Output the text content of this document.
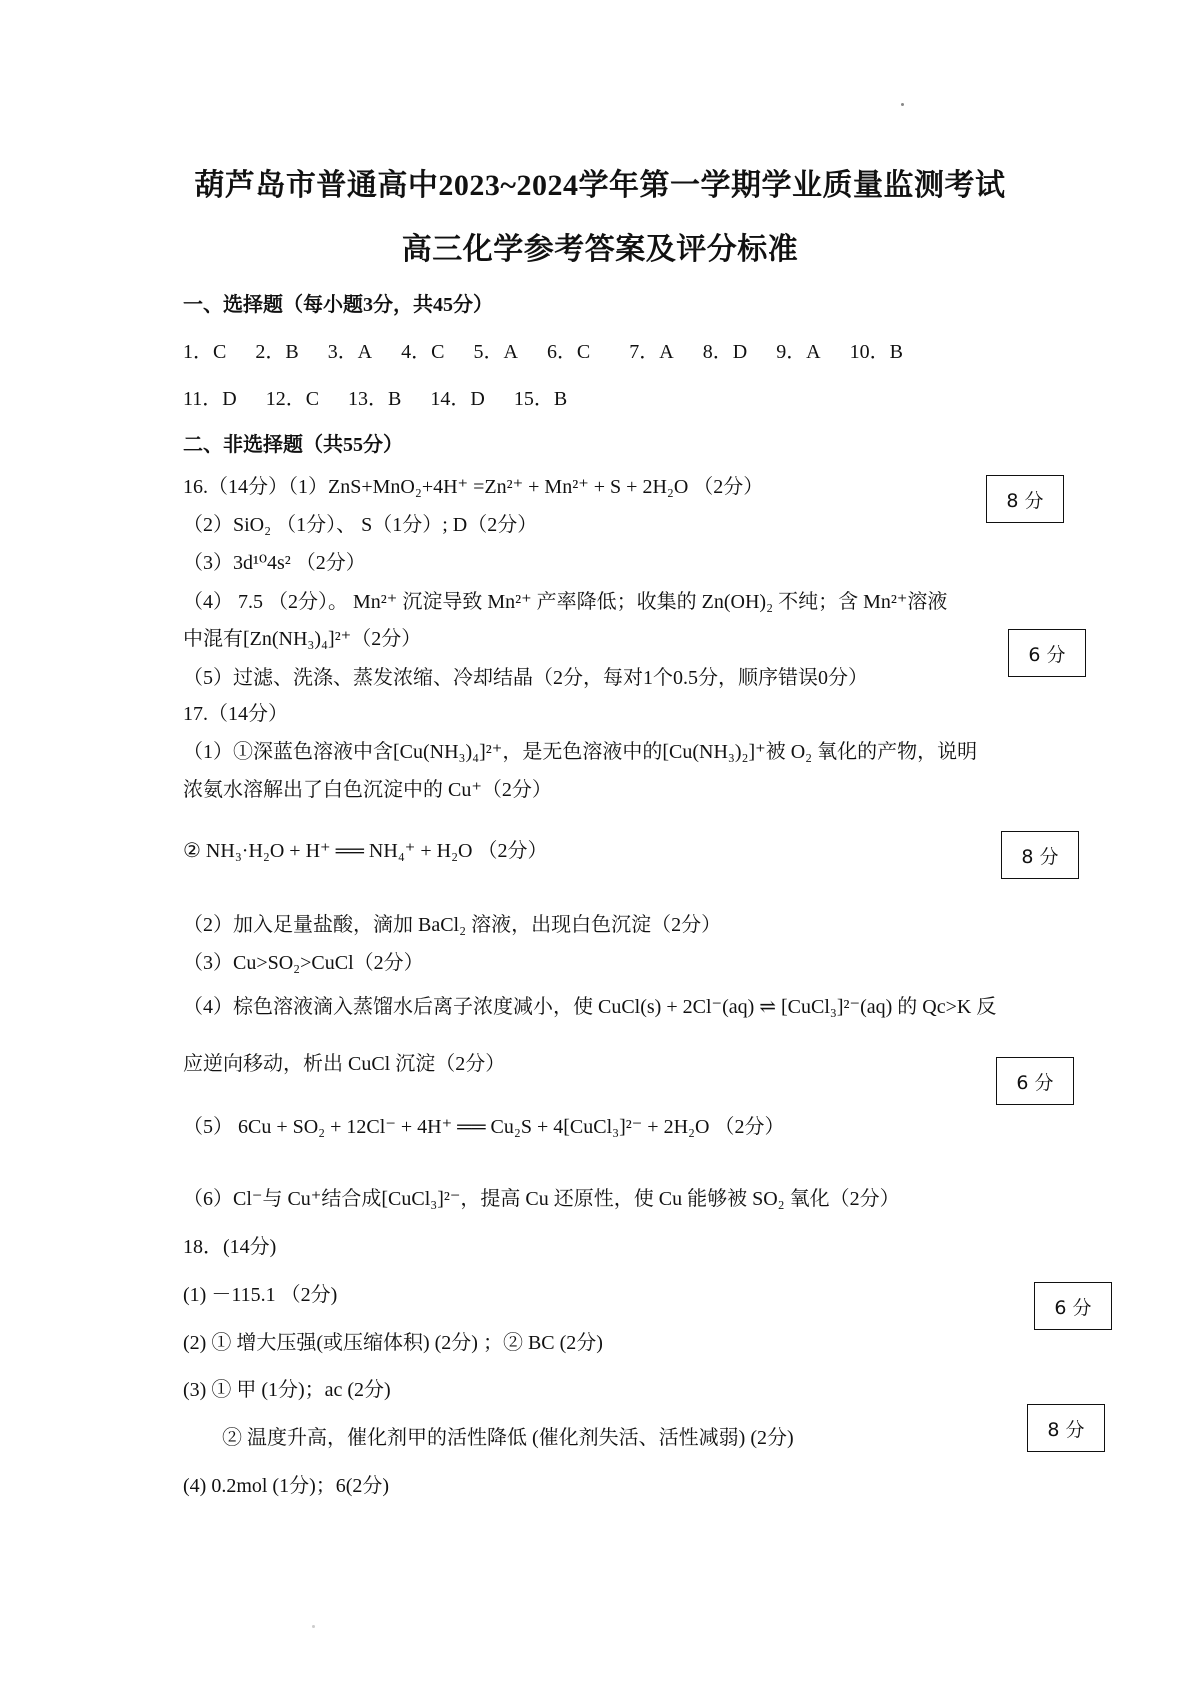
葫芦岛市普通高中2023~2024学年第一学期学业质量监测考试
高三化学参考答案及评分标准
一、选择题（每小题3分，共45分）
1．C 2．B 3．A 4．C 5．A 6．C 7．A 8．D 9．A 10．B
11．D 12．C 13．B 14．D 15．B
二、非选择题（共55分）
16.（14分）（1）ZnS+MnO₂+4H⁺ =Zn²⁺ + Mn²⁺ + S + 2H₂O （2分）
（2）SiO₂ （1分）、 S（1分）; D（2分）
（3）3d¹⁰4s² （2分）
（4） 7.5 （2分）。 Mn²⁺ 沉淀导致 Mn²⁺ 产率降低；收集的 Zn(OH)₂ 不纯；含 Mn²⁺溶液
中混有[Zn(NH₃)₄]²⁺（2分）
（5）过滤、洗涤、蒸发浓缩、冷却结晶（2分，每对1个0.5分，顺序错误0分）
17.（14分）
（1）①深蓝色溶液中含[Cu(NH₃)₄]²⁺，是无色溶液中的[Cu(NH₃)₂]⁺被 O₂ 氧化的产物，说明
浓氨水溶解出了白色沉淀中的 Cu⁺（2分）
② NH₃·H₂O + H⁺ ══ NH₄⁺ + H₂O （2分）
（2）加入足量盐酸，滴加 BaCl₂ 溶液，出现白色沉淀（2分）
（3）Cu>SO₂>CuCl（2分）
（4）棕色溶液滴入蒸馏水后离子浓度减小，使 CuCl(s) + 2Cl⁻(aq) ⇌ [CuCl₃]²⁻(aq) 的 Qc>K 反
应逆向移动，析出 CuCl 沉淀（2分）
（5） 6Cu + SO₂ + 12Cl⁻ + 4H⁺ ══ Cu₂S + 4[CuCl₃]²⁻ + 2H₂O （2分）
（6）Cl⁻与 Cu⁺结合成[CuCl₃]²⁻，提高 Cu 还原性，使 Cu 能够被 SO₂ 氧化（2分）
18．(14分)
(1) －115.1 （2分)
(2) ① 增大压强(或压缩体积) (2分) ；② BC (2分)
(3) ① 甲 (1分)；ac (2分)
② 温度升高，催化剂甲的活性降低 (催化剂失活、活性减弱) (2分)
(4) 0.2mol (1分)；6(2分)
8 分
6 分
8 分
6 分
6 分
8 分
